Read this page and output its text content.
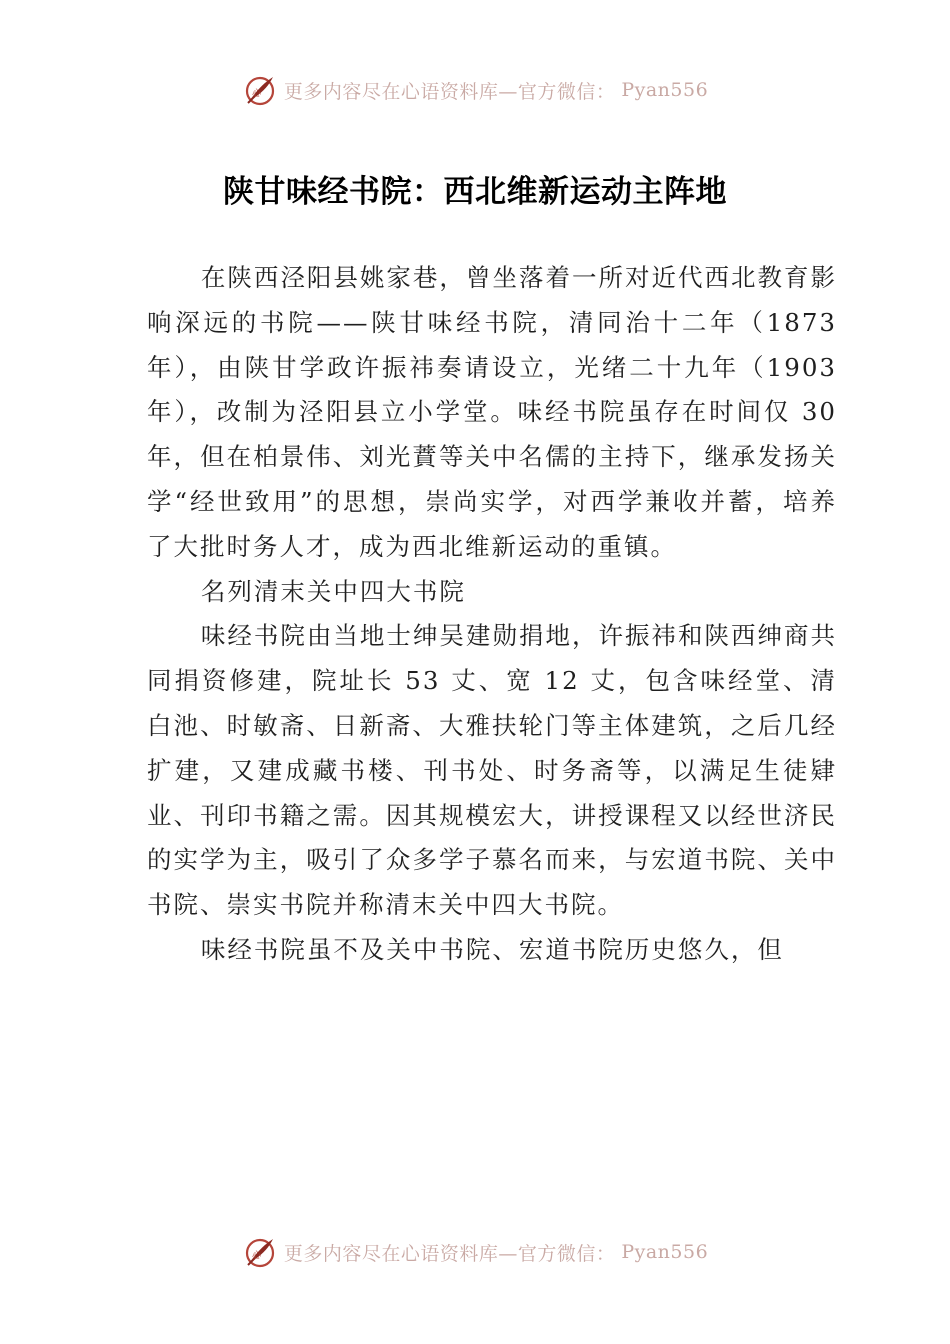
心 更多内容尽在心语资料库—官方微信： Pyan556
陕甘味经书院：西北维新运动主阵地

在陕西泾阳县姚家巷，曾坐落着一所对近代西北教育影响深远的书院——陕甘味经书院，清同治十二年（1873 年），由陕甘学政许振祎奏请设立，光绪二十九年（1903 年），改制为泾阳县立小学堂。味经书院虽存在时间仅 30 年，但在柏景伟、刘光蕡等关中名儒的主持下，继承发扬关学“经世致用”的思想，崇尚实学，对西学兼收并蓄，培养了大批时务人才，成为西北维新运动的重镇。

名列清末关中四大书院

味经书院由当地士绅吴建勋捐地，许振祎和陕西绅商共同捐资修建，院址长 53 丈、宽 12 丈，包含味经堂、清白池、时敏斋、日新斋、大雅扶轮门等主体建筑，之后几经扩建，又建成藏书楼、刊书处、时务斋等，以满足生徒肄业、刊印书籍之需。因其规模宏大，讲授课程又以经世济民的实学为主，吸引了众多学子慕名而来，与宏道书院、关中书院、崇实书院并称清末关中四大书院。

味经书院虽不及关中书院、宏道书院历史悠久，但

心 更多内容尽在心语资料库—官方微信： Pyan556
